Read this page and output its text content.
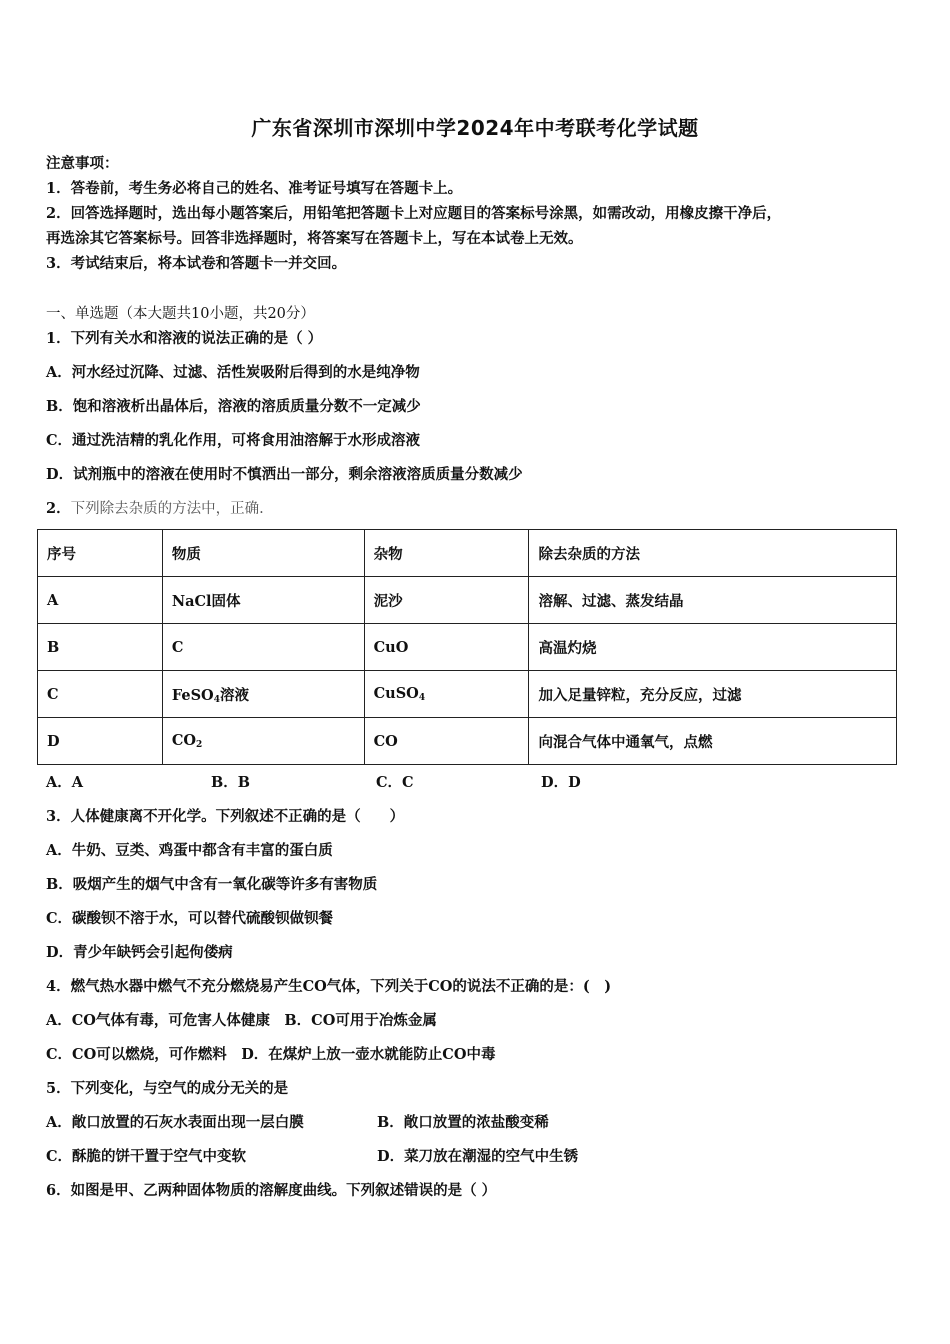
广东省深圳市深圳中学2024年中考联考化学试题
注意事项：
1．答卷前，考生务必将自己的姓名、准考证号填写在答题卡上。
2．回答选择题时，选出每小题答案后，用铅笔把答题卡上对应题目的答案标号涂黑，如需改动，用橡皮擦干净后，
再选涂其它答案标号。回答非选择题时，将答案写在答题卡上，写在本试卷上无效。
3．考试结束后，将本试卷和答题卡一并交回。
一、单选题（本大题共10小题，共20分）
1．下列有关水和溶液的说法正确的是（ ）
A．河水经过沉降、过滤、活性炭吸附后得到的水是纯净物
B．饱和溶液析出晶体后，溶液的溶质质量分数不一定减少
C．通过洗洁精的乳化作用，可将食用油溶解于水形成溶液
D．试剂瓶中的溶液在使用时不慎洒出一部分，剩余溶液溶质质量分数减少
2．下列除去杂质的方法中，正确.
序号	物质	杂物	除去杂质的方法
A	NaCl固体	泥沙	溶解、过滤、蒸发结晶
B	C	CuO	高温灼烧
C	FeSO$_4$溶液	CuSO$_4$	加入足量锌粒，充分反应，过滤
D	$CO_2$	CO	向混合气体中通氧气，点燃
A．A	B．B	C．C	D．D
3．人体健康离不开化学。下列叙述不正确的是（　　）
A．牛奶、豆类、鸡蛋中都含有丰富的蛋白质
B．吸烟产生的烟气中含有一氧化碳等许多有害物质
C．碳酸钡不溶于水，可以替代硫酸钡做钡餐
D．青少年缺钙会引起佝偻病
4．燃气热水器中燃气不充分燃烧易产生CO气体，下列关于CO的说法不正确的是：(　)
A．CO气体有毒，可危害人体健康　B．CO可用于冶炼金属
C．CO可以燃烧，可作燃料　D．在煤炉上放一壶水就能防止CO中毒
5．下列变化，与空气的成分无关的是
A．敞口放置的石灰水表面出现一层白膜	B．敞口放置的浓盐酸变稀
C．酥脆的饼干置于空气中变软	D．菜刀放在潮湿的空气中生锈
6．如图是甲、乙两种固体物质的溶解度曲线。下列叙述错误的是（ ）
